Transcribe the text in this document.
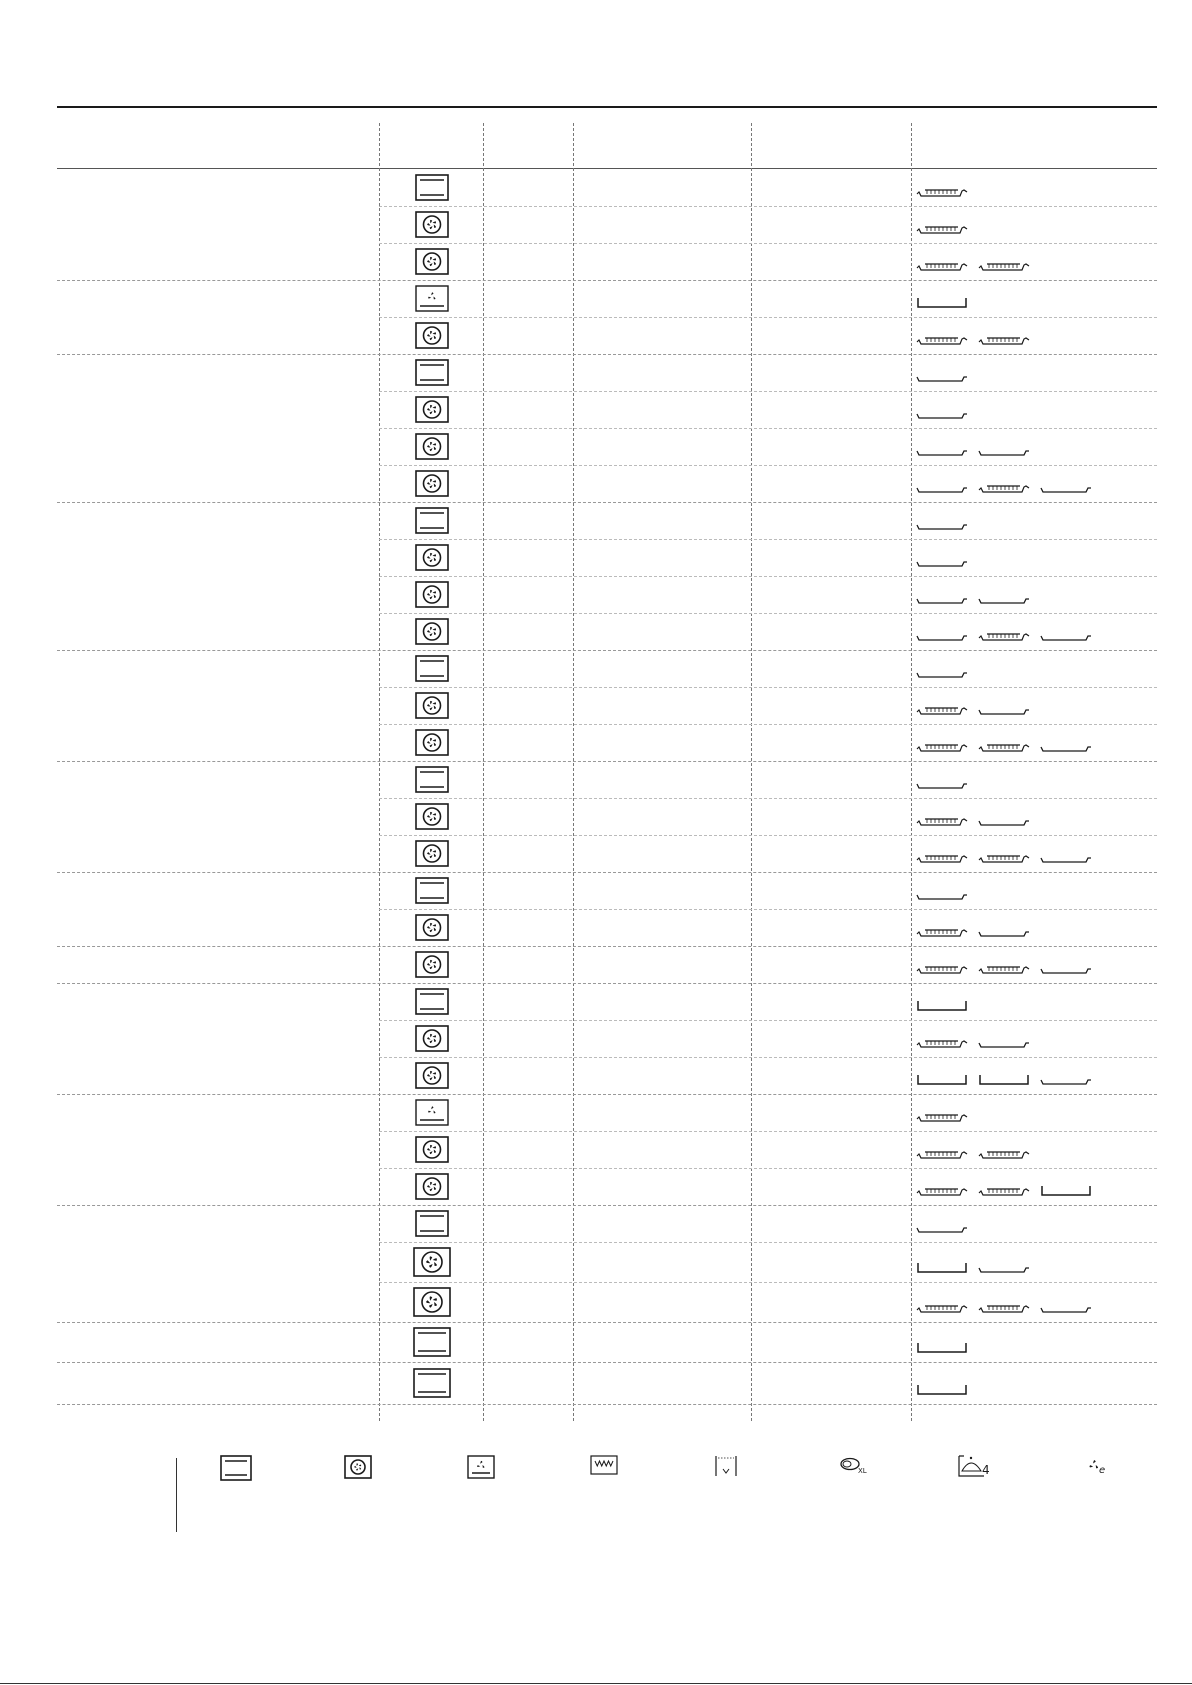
XL	4	e
